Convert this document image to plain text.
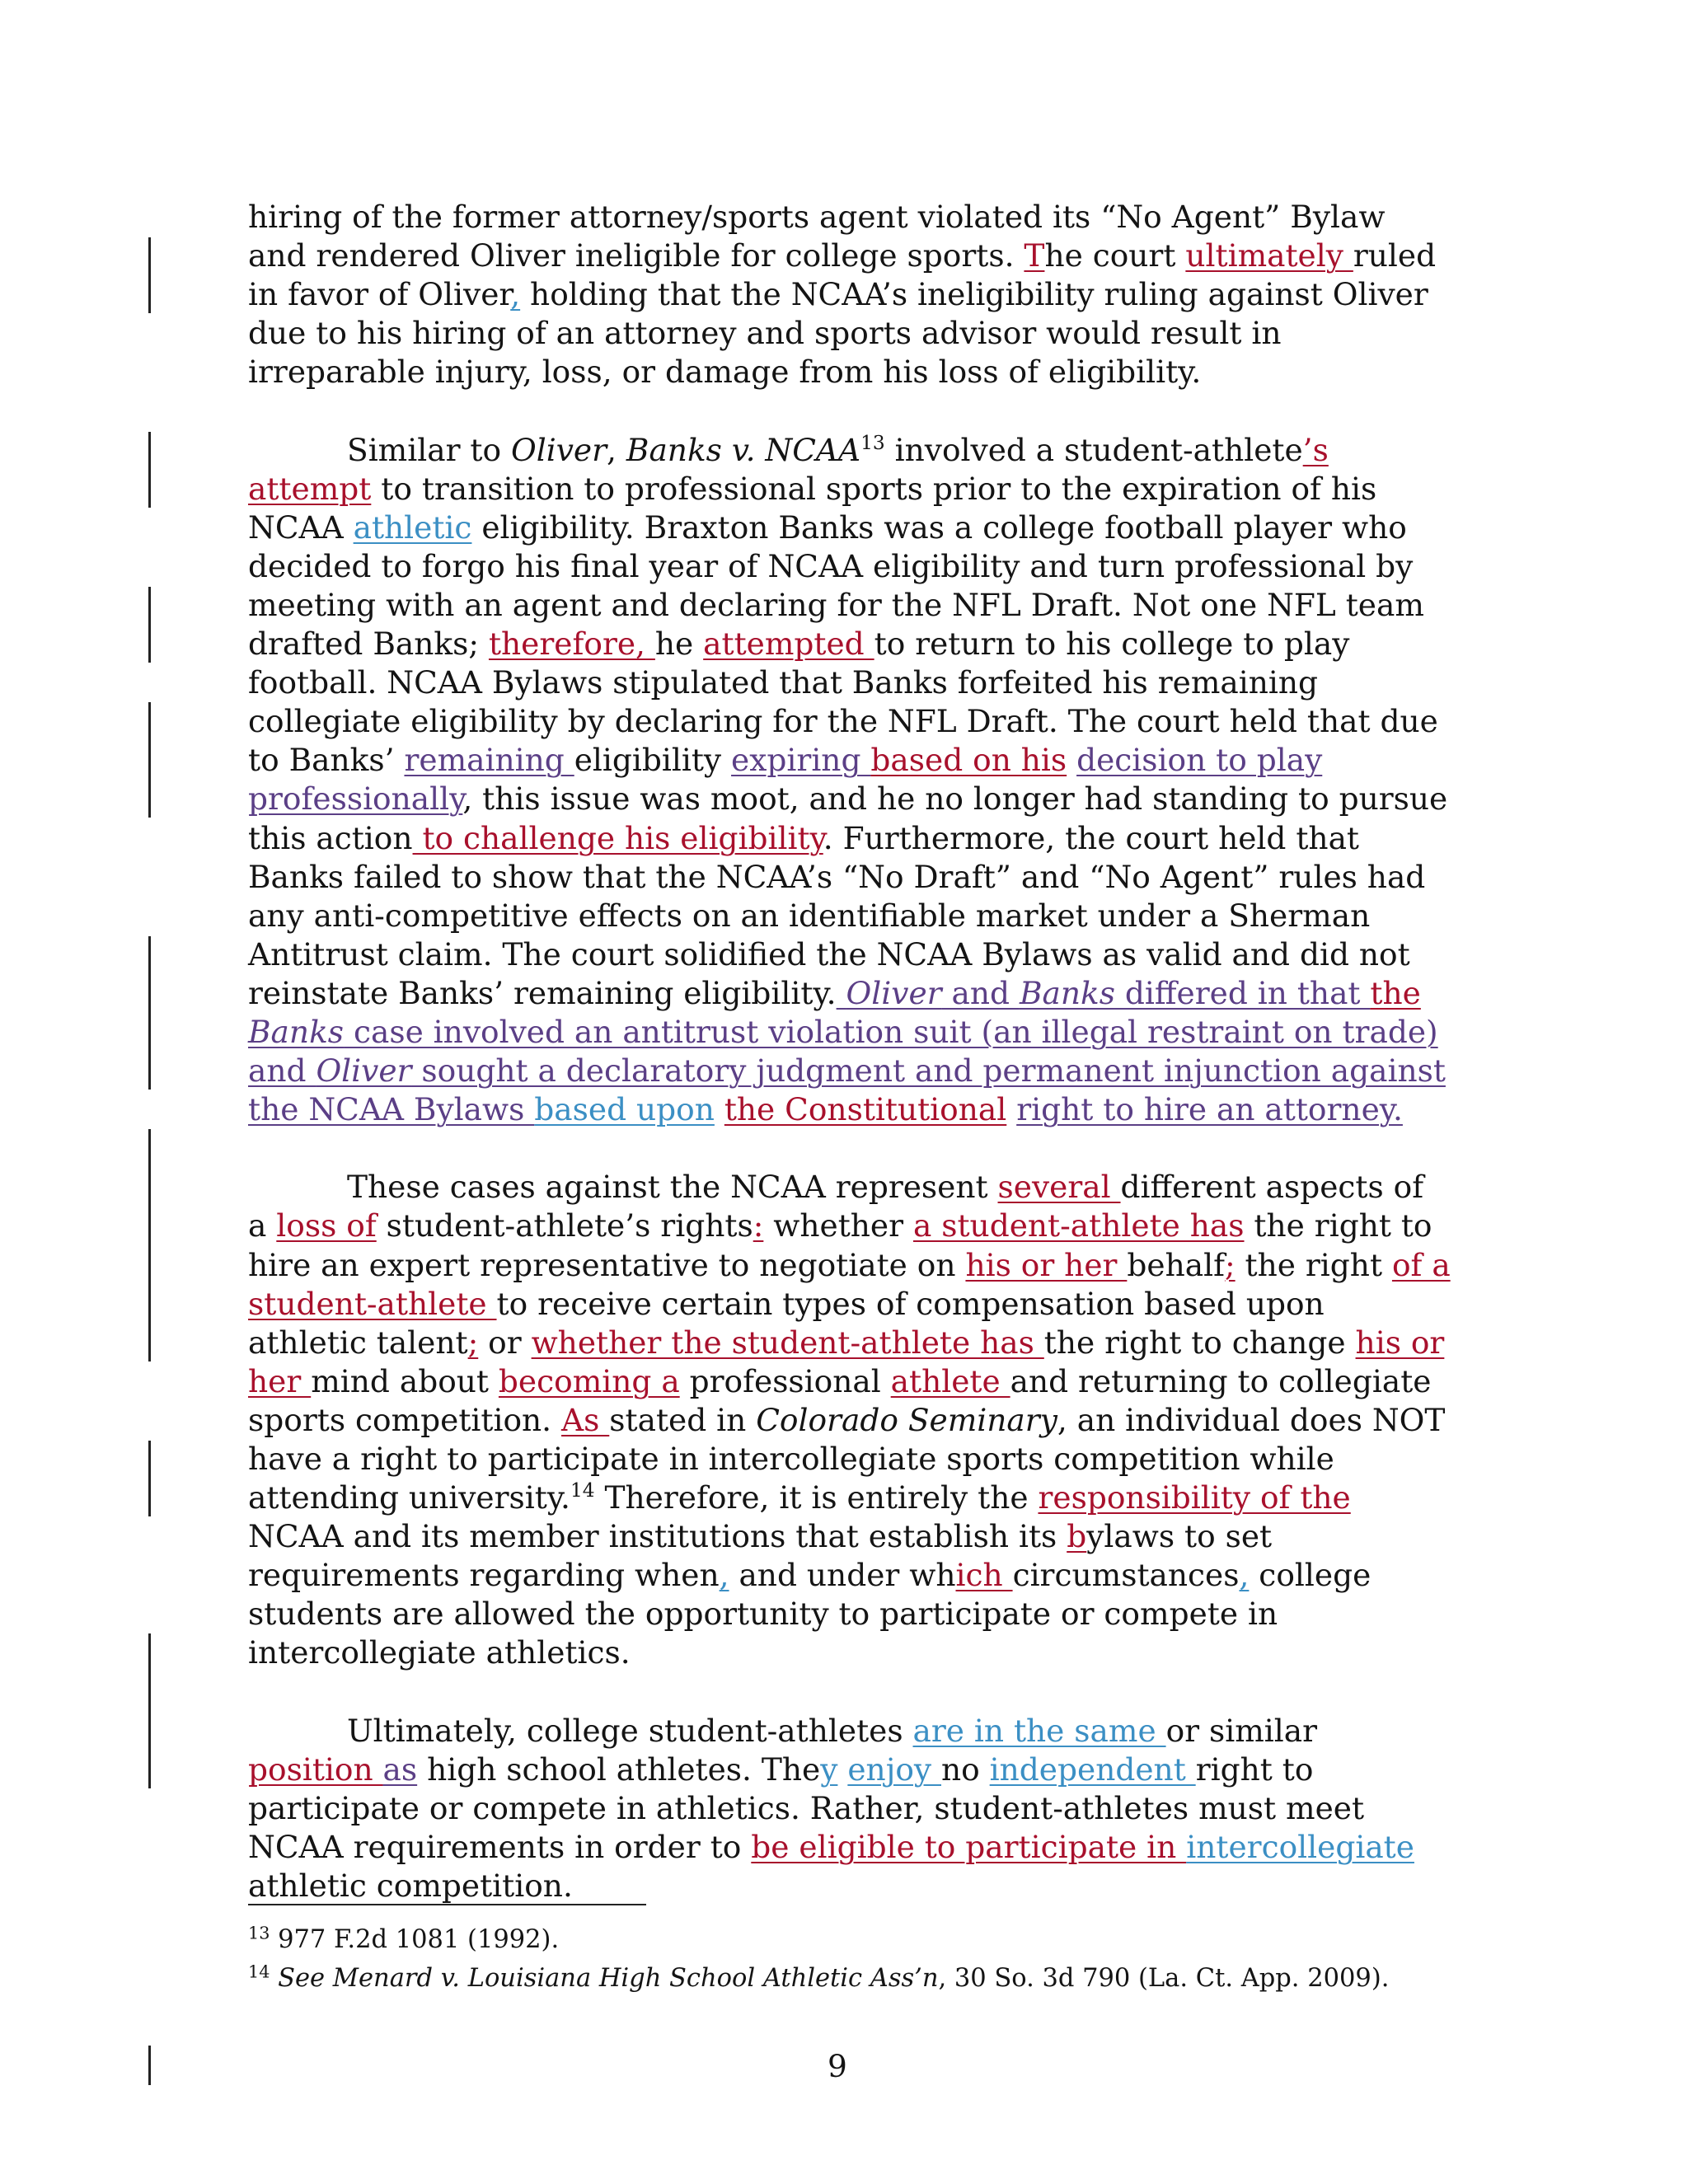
hiring of the former attorney/sports agent violated its “No Agent” Bylaw and rendered Oliver ineligible for college sports. The court ultimately ruled in favor of Oliver, holding that the NCAA’s ineligibility ruling against Oliver due to his hiring of an attorney and sports advisor would result in irreparable injury, loss, or damage from his loss of eligibility.

Similar to Oliver, Banks v. NCAA$^{13}$ involved a student-athlete’s attempt to transition to professional sports prior to the expiration of his NCAA athletic eligibility. Braxton Banks was a college football player who decided to forgo his final year of NCAA eligibility and turn professional by meeting with an agent and declaring for the NFL Draft. Not one NFL team drafted Banks; therefore, he attempted to return to his college to play football. NCAA Bylaws stipulated that Banks forfeited his remaining collegiate eligibility by declaring for the NFL Draft. The court held that due to Banks’ remaining eligibility expiring based on his decision to play professionally, this issue was moot, and he no longer had standing to pursue this action to challenge his eligibility. Furthermore, the court held that Banks failed to show that the NCAA’s “No Draft” and “No Agent” rules had any anti-competitive effects on an identifiable market under a Sherman Antitrust claim. The court solidified the NCAA Bylaws as valid and did not reinstate Banks’ remaining eligibility. Oliver and Banks differed in that the Banks case involved an antitrust violation suit (an illegal restraint on trade) and Oliver sought a declaratory judgment and permanent injunction against the NCAA Bylaws based upon the Constitutional right to hire an attorney.

These cases against the NCAA represent several different aspects of a loss of student-athlete’s rights: whether a student-athlete has the right to hire an expert representative to negotiate on his or her behalf; the right of a student-athlete to receive certain types of compensation based upon athletic talent; or whether the student-athlete has the right to change his or her mind about becoming a professional athlete and returning to collegiate sports competition. As stated in Colorado Seminary, an individual does NOT have a right to participate in intercollegiate sports competition while attending university.$^{14}$ Therefore, it is entirely the responsibility of the NCAA and its member institutions that establish its bylaws to set requirements regarding when, and under which circumstances, college students are allowed the opportunity to participate or compete in intercollegiate athletics.

Ultimately, college student-athletes are in the same or similar position as high school athletes. They enjoy no independent right to participate or compete in athletics. Rather, student-athletes must meet NCAA requirements in order to be eligible to participate in intercollegiate athletic competition.

$^{13}$ 977 F.2d 1081 (1992).
$^{14}$ See Menard v. Louisiana High School Athletic Ass’n, 30 So. 3d 790 (La. Ct. App. 2009).
9
